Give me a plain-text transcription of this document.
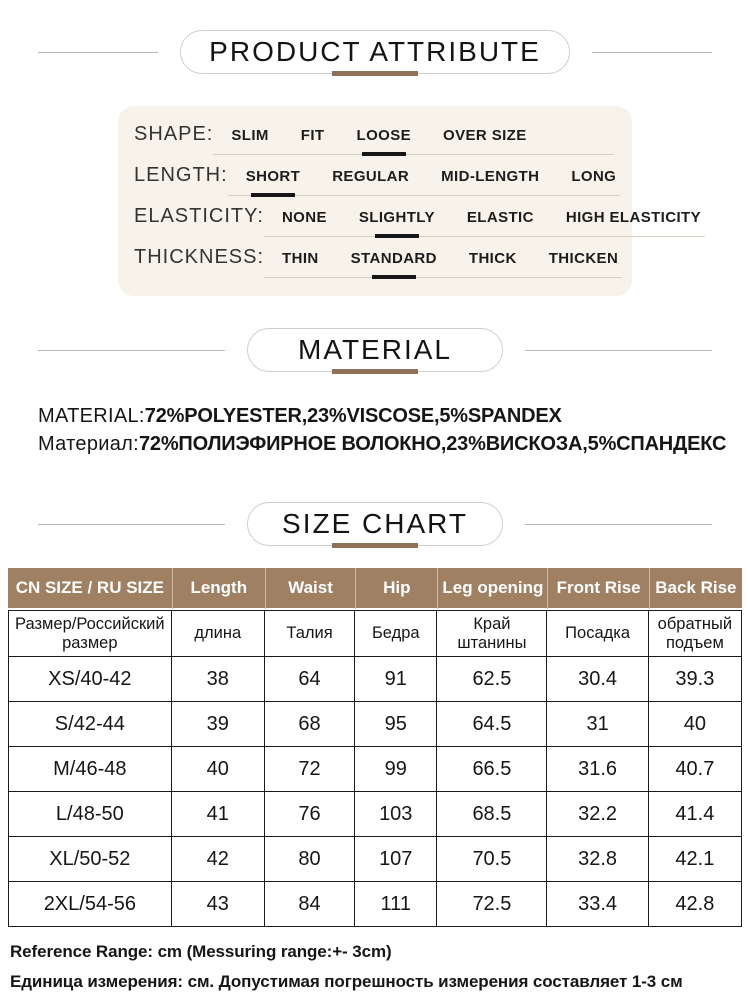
PRODUCT ATTRIBUTE
SHAPE: SLIM FIT LOOSE OVER SIZE
LENGTH: SHORT REGULAR MID-LENGTH LONG
ELASTICITY: NONE SLIGHTLY ELASTIC HIGH ELASTICITY
THICKNESS: THIN STANDARD THICK THICKEN
MATERIAL
MATERIAL:72%POLYESTER,23%VISCOSE,5%SPANDEX
Материал:72%ПОЛИЭФИРНОЕ ВОЛОКНО,23%ВИСКОЗА,5%СПАНДЕКС
SIZE CHART
CN SIZE / RU SIZE	Length	Waist	Hip	Leg opening	Front Rise	Back Rise
Размер/Российский размер	длина	Талия	Бедра	Край штанины	Посадка	обратный подъем
XS/40-42	38	64	91	62.5	30.4	39.3
S/42-44	39	68	95	64.5	31	40
M/46-48	40	72	99	66.5	31.6	40.7
L/48-50	41	76	103	68.5	32.2	41.4
XL/50-52	42	80	107	70.5	32.8	42.1
2XL/54-56	43	84	111	72.5	33.4	42.8
Reference Range: cm (Messuring range:+- 3cm)
Единица измерения: см. Допустимая погрешность измерения составляет 1-3 см
